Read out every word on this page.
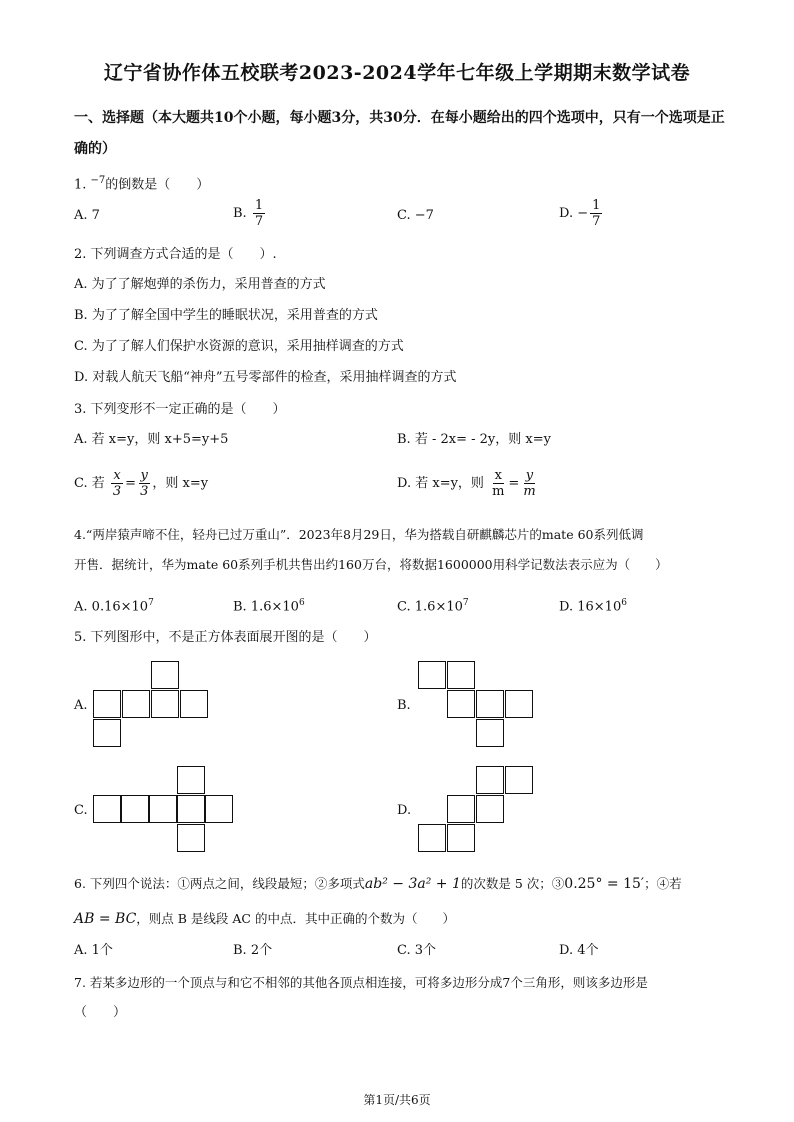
辽宁省协作体五校联考2023-2024学年七年级上学期期末数学试卷
一、选择题（本大题共10个小题，每小题3分，共30分．在每小题给出的四个选项中，只有一个选项是正确的）
1. $^{-7}$的倒数是（　　）
A. 7	B. $\frac{1}{7}$	C. −7	D. − $\frac{1}{7}$
2. 下列调查方式合适的是（　　）.
A. 为了了解炮弹的杀伤力，采用普查的方式
B. 为了了解全国中学生的睡眠状况，采用普查的方式
C. 为了了解人们保护水资源的意识，采用抽样调查的方式
D. 对载人航天飞船“神舟”五号零部件的检查，采用抽样调查的方式
3. 下列变形不一定正确的是（　　）
A. 若 x=y，则 x+5=y+5	B. 若 - 2x= - 2y，则 x=y
C. 若 $\frac{x}{3} = \frac{y}{3}$ ，则 x=y	D. 若 x=y，则 $\frac{x}{m} = \frac{y}{m}$
4.“两岸猿声啼不住，轻舟已过万重山”．2023年8月29日，华为搭载自研麒麟芯片的mate 60系列低调
开售．据统计，华为mate 60系列手机共售出约160万台，将数据1600000用科学记数法表示应为（　　）
A. $0.16\times 10^7$	B. $1.6\times 10^6$	C. $1.6\times 10^7$	D. $16\times 10^6$
5. 下列图形中，不是正方体表面展开图的是（　　）
A.	B.
C.	D.
6. 下列四个说法：①两点之间，线段最短；②多项式ab² − 3a² + 1的次数是 5 次；③0.25° = 15′；④若
AB = BC，则点 B 是线段 AC 的中点．其中正确的个数为（　　）
A. 1个	B. 2个	C. 3个	D. 4个
7. 若某多边形的一个顶点与和它不相邻的其他各顶点相连接，可将多边形分成7个三角形，则该多边形是
（　　）
第1页/共6页
